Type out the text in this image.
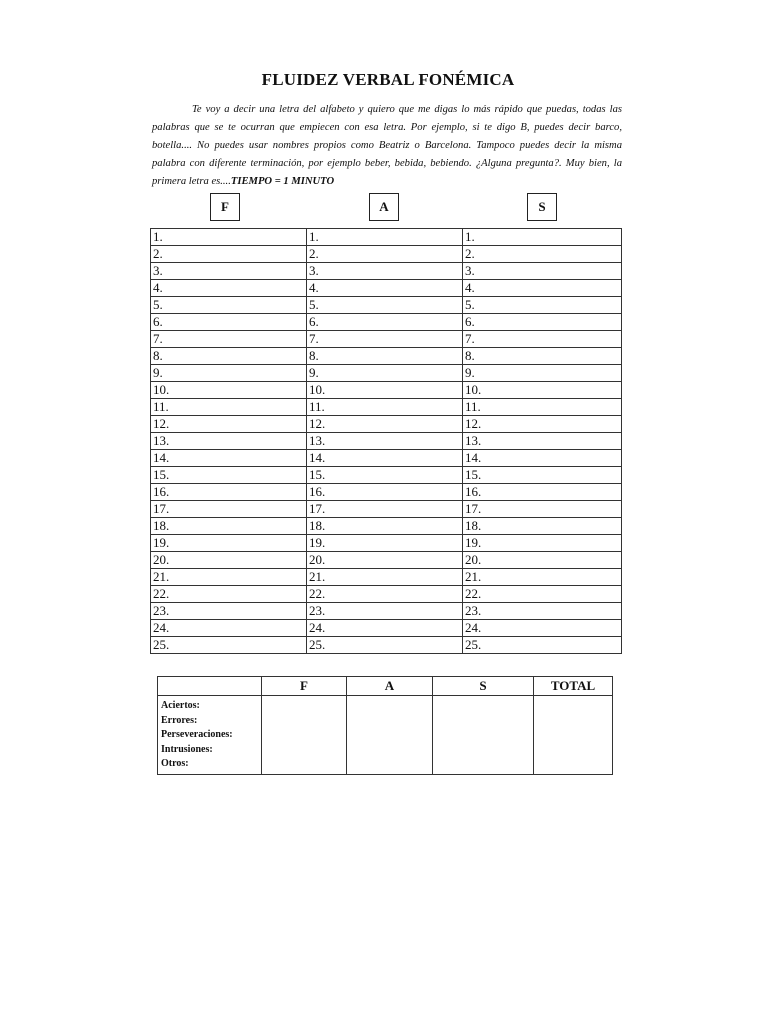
FLUIDEZ VERBAL FONÉMICA
Te voy a decir una letra del alfabeto y quiero que me digas lo más rápido que puedas, todas las palabras que se te ocurran que empiecen con esa letra. Por ejemplo, si te digo B, puedes decir barco, botella.... No puedes usar nombres propios como Beatriz o Barcelona. Tampoco puedes decir la misma palabra con diferente terminación, por ejemplo beber, bebida, bebiendo. ¿Alguna pregunta?. Muy bien, la primera letra es....TIEMPO = 1 MINUTO
F	A	S
1.	1.	1.
2.	2.	2.
3.	3.	3.
4.	4.	4.
5.	5.	5.
6.	6.	6.
7.	7.	7.
8.	8.	8.
9.	9.	9.
10.	10.	10.
11.	11.	11.
12.	12.	12.
13.	13.	13.
14.	14.	14.
15.	15.	15.
16.	16.	16.
17.	17.	17.
18.	18.	18.
19.	19.	19.
20.	20.	20.
21.	21.	21.
22.	22.	22.
23.	23.	23.
24.	24.	24.
25.	25.	25.
	F	A	S	TOTAL

Aciertos:
Errores:
Perseveraciones:
Intrusiones:
Otros:				
